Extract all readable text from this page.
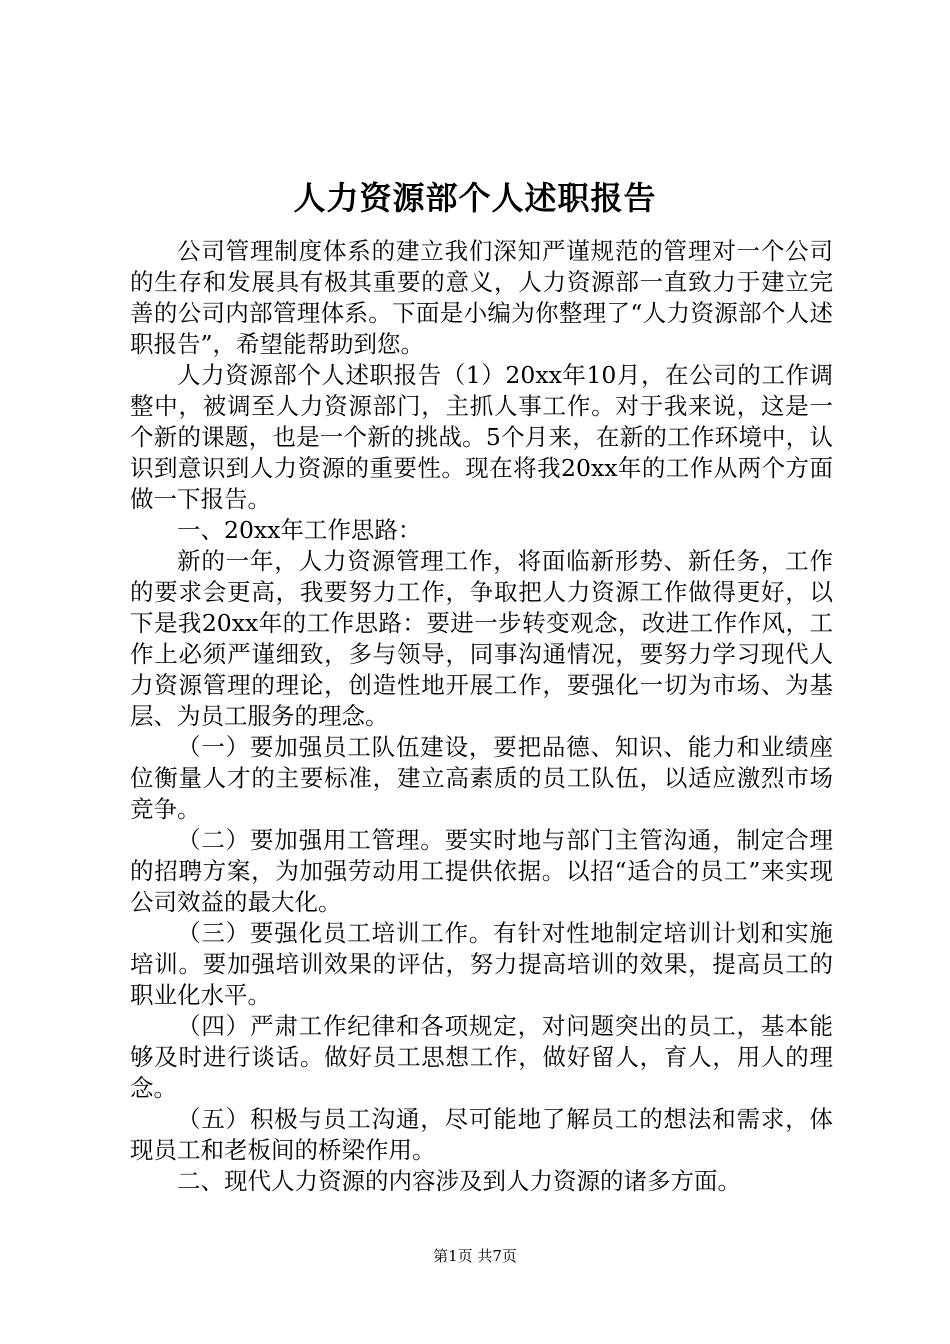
人力资源部个人述职报告

公司管理制度体系的建立我们深知严谨规范的管理对一个公司的生存和发展具有极其重要的意义，人力资源部一直致力于建立完善的公司内部管理体系。下面是小编为你整理了“人力资源部个人述职报告”，希望能帮助到您。

人力资源部个人述职报告（1）20xx年10月，在公司的工作调整中，被调至人力资源部门，主抓人事工作。对于我来说，这是一个新的课题，也是一个新的挑战。5个月来，在新的工作环境中，认识到意识到人力资源的重要性。现在将我20xx年的工作从两个方面做一下报告。

一、20xx年工作思路：

新的一年，人力资源管理工作，将面临新形势、新任务，工作的要求会更高，我要努力工作，争取把人力资源工作做得更好，以下是我20xx年的工作思路：要进一步转变观念，改进工作作风，工作上必须严谨细致，多与领导，同事沟通情况，要努力学习现代人力资源管理的理论，创造性地开展工作，要强化一切为市场、为基层、为员工服务的理念。

（一）要加强员工队伍建设，要把品德、知识、能力和业绩座位衡量人才的主要标准，建立高素质的员工队伍，以适应激烈市场竞争。

（二）要加强用工管理。要实时地与部门主管沟通，制定合理的招聘方案，为加强劳动用工提供依据。以招“适合的员工”来实现公司效益的最大化。

（三）要强化员工培训工作。有针对性地制定培训计划和实施培训。要加强培训效果的评估，努力提高培训的效果，提高员工的职业化水平。

（四）严肃工作纪律和各项规定，对问题突出的员工，基本能够及时进行谈话。做好员工思想工作，做好留人，育人，用人的理念。

（五）积极与员工沟通，尽可能地了解员工的想法和需求，体现员工和老板间的桥梁作用。

二、现代人力资源的内容涉及到人力资源的诸多方面。

第1页 共7页
